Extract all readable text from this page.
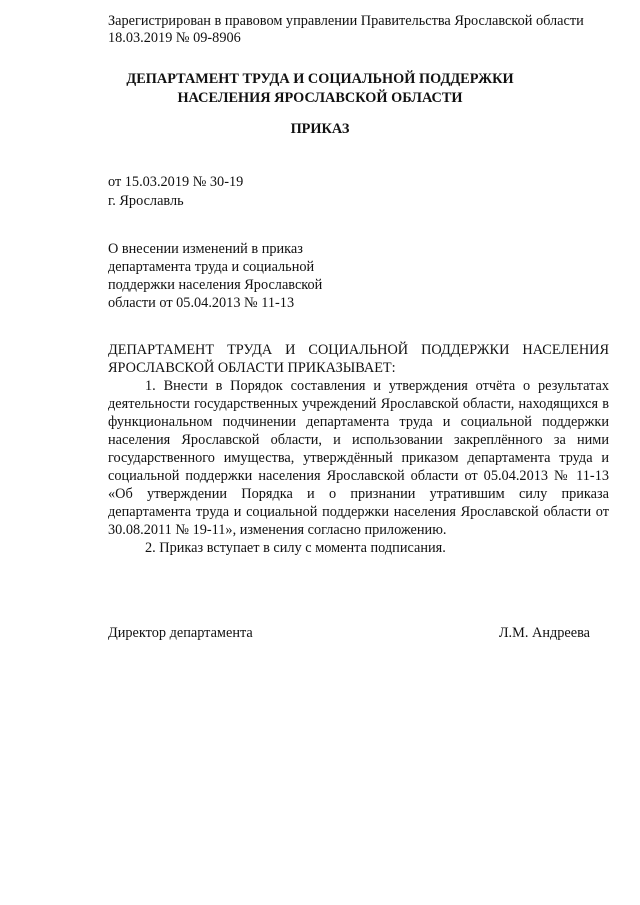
Зарегистрирован в правовом управлении Правительства Ярославской области
18.03.2019 № 09-8906
ДЕПАРТАМЕНТ ТРУДА И СОЦИАЛЬНОЙ ПОДДЕРЖКИ
НАСЕЛЕНИЯ ЯРОСЛАВСКОЙ ОБЛАСТИ
ПРИКАЗ
от 15.03.2019 № 30-19
г. Ярославль
О внесении изменений в приказ
департамента труда и социальной
поддержки населения Ярославской
области от 05.04.2013 № 11-13
ДЕПАРТАМЕНТ ТРУДА И СОЦИАЛЬНОЙ ПОДДЕРЖКИ НАСЕЛЕНИЯ
ЯРОСЛАВСКОЙ ОБЛАСТИ ПРИКАЗЫВАЕТ:
1. Внести в Порядок составления и утверждения отчёта о результатах деятельности государственных учреждений Ярославской области, находящихся в функциональном подчинении департамента труда и социальной поддержки населения Ярославской области, и использовании закреплённого за ними государственного имущества, утверждённый приказом департамента труда и социальной поддержки населения Ярославской области от 05.04.2013 № 11-13 «Об утверждении Порядка и о признании утратившим силу приказа департамента труда и социальной поддержки населения Ярославской области от 30.08.2011 № 19-11», изменения согласно приложению.
2. Приказ вступает в силу с момента подписания.
Директор департамента	Л.М. Андреева
